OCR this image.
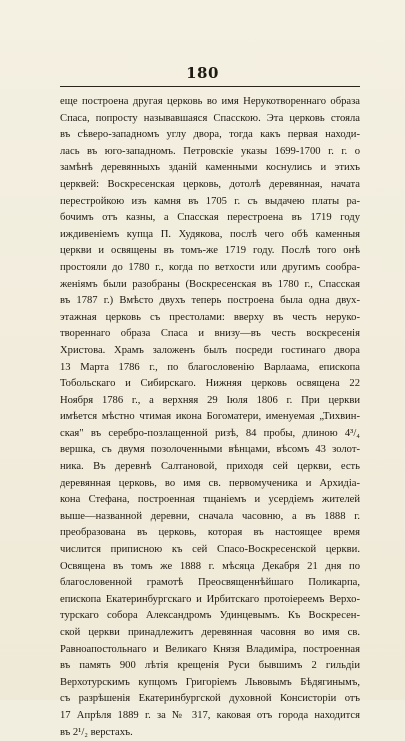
180
еще построена другая церковь во имя Нерукотвореннаго образа
Спаса, попросту называвшаяся Спасскою. Эта церковь стояла
въ сѣверо-западномъ углу двора, тогда какъ первая находи-
лась въ юго-западномъ. Петровскіе указы 1699-1700 г. г. о
замѣнѣ деревянныхъ зданій каменными коснулись и этихъ
церквей: Воскресенская церковь, дотолѣ деревянная, начата
перестройкою изъ камня въ 1705 г. съ выдачею платы ра-
бочимъ отъ казны, а Спасская перестроена въ 1719 году
иждивеніемъ купца П. Худякова, послѣ чего обѣ каменныя
церкви и освящены въ томъ-же 1719 году. Послѣ того онѣ
простояли до 1780 г., когда по ветхости или другимъ сообра-
женіямъ были разобраны (Воскресенская въ 1780 г., Спасская
въ 1787 г.) Вмѣсто двухъ теперь построена была одна двух-
этажная церковь съ престолами: вверху въ честь неруко-
твореннаго образа Спаса и внизу—въ честь воскресенія
Христова. Храмъ заложенъ былъ посреди гостинаго двора
13 Марта 1786 г., по благословенію Варлаама, епископа
Тобольскаго и Сибирскаго. Нижняя церковь освящена 22
Ноября 1786 г., а верхняя 29 Іюля 1806 г. При церкви
имѣется мѣстно чтимая икона Богоматери, именуемая „Тихвин-
ская" въ серебро-позлащенной ризѣ, 84 пробы, длиною 4³/₄
вершка, съ двумя позолоченными вѣнцами, вѣсомъ 43 золот-
ника. Въ деревнѣ Салтановой, приходя сей церкви, есть
деревянная церковь, во имя св. первомученика и Архидіа-
кона Стефана, построенная тщаніемъ и усердіемъ жителей
выше—названной деревни, сначала часовню, а въ 1888 г.
преобразована въ церковь, которая въ настоящее время
числится приписною къ сей Спасо-Воскресенской церкви.
Освящена въ томъ же 1888 г. мѣсяца Декабря 21 дня по
благословенной грамотѣ Преосвященнѣйшаго Поликарпа,
епископа Екатеринбургскаго и Ирбитскаго протоіереемъ Верхо-
турскаго собора Александромъ Удинцевымъ. Къ Воскресен-
ской церкви принадлежитъ деревянная часовня во имя св.
Равноапостольнаго и Великаго Князя Владиміра, построенная
въ память 900 лѣтія крещенія Руси бывшимъ 2 гильдіи
Верхотурскимъ купцомъ Григоріемъ Львовымъ Бѣдягинымъ,
съ разрѣшенія Екатеринбургской духовной Консисторіи отъ
17 Апрѣля 1889 г. за № 317, каковая отъ города находится
въ 2¹/₂ верстахъ.
